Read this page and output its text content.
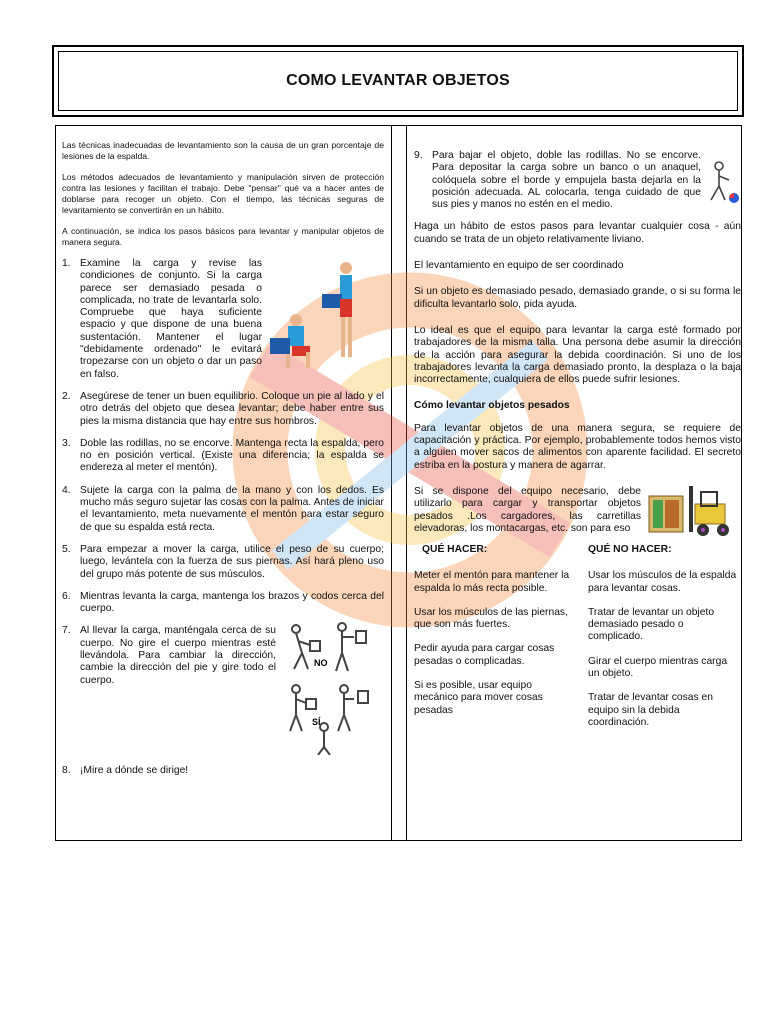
COMO LEVANTAR OBJETOS

Las técnicas inadecuadas de levantamiento son la causa de un gran porcentaje de lesiones de la espalda.

Los métodos adecuados de levantamiento y manipulación sirven de protección contra las lesiones y facilitan el trabajo. Debe "pensar" qué va a hacer antes de doblarse para recoger un objeto. Con el tiempo, las técnicas seguras de levantamiento se convertirán en un hábito.

A continuación, se indica los pasos básicos para levantar y manipular objetos de manera segura.

1. Examine la carga y revise las condiciones de conjunto. Si la carga parece ser demasiado pesada o complicada, no trate de levantarla solo. Compruebe que haya suficiente espacio y que dispone de una buena sustentación. Mantener el lugar "debidamente ordenado" le evitará tropezarse con un objeto o dar un paso en falso.
2. Asegúrese de tener un buen equilibrio. Coloque un pie al lado y el otro detrás del objeto que desea levantar; debe haber entre sus pies la misma distancia que hay entre sus hombros.
3. Doble las rodillas, no se encorve. Mantenga recta la espalda, pero no en posición vertical. (Existe una diferencia; la espalda se endereza al meter el mentón).
4. Sujete la carga con la palma de la mano y con los dedos. Es mucho más seguro sujetar las cosas con la palma. Antes de iniciar el levantamiento, meta nuevamente el mentón para estar seguro de que su espalda está recta.
5. Para empezar a mover la carga, utilice el peso de su cuerpo; luego, levántela con la fuerza de sus piernas. Así hará pleno uso del grupo más potente de sus músculos.
6. Mientras levanta la carga, mantenga los brazos y codos cerca del cuerpo.
7.
NO
SÍ
Al llevar la carga, manténgala cerca de su cuerpo. No gire el cuerpo mientras esté llevándola. Para cambiar la dirección, cambie la dirección del pie y gire todo el cuerpo.
8. ¡Mire a dónde se dirige!
9. Para bajar el objeto, doble las rodillas. No se encorve. Para depositar la carga sobre un banco o un anaquel, colóquela sobre el borde y empujela basta dejarla en la posición adecuada. AL colocarla, tenga cuidado de que sus pies y manos no estén en el medio.

Haga un hábito de estos pasos para levantar cualquier cosa - aún cuando se trata de un objeto relativamente liviano.

El levantamiento en equipo de ser coordinado

Si un objeto es demasiado pesado, demasiado grande, o si su forma le dificulta levantarlo solo, pida ayuda.

Lo ideal es que el equipo para levantar la carga esté formado por trabajadores de la misma talla. Una persona debe asumir la dirección de la acción para asegurar la debida coordinación. Si uno de los trabajadores levanta la carga demasiado pronto, la desplaza o la baja incorrectamente, cualquiera de ellos puede sufrir lesiones.

Cómo levantar objetos pesados

Para levantar objetos de una manera segura, se requiere de capacitación y práctica. Por ejemplo, probablemente todos hemos visto a alguien mover sacos de alimentos con aparente facilidad. El secreto estriba en la postura y manera de agarrar.

Si se dispone del equipo necesario, debe utilizarlo para cargar y transportar objetos pesados .Los cargadores, las carretillas elevadoras, los montacargas, etc. son para eso

QUÉ HACER:
Meter el mentón para mantener la espalda lo más recta posible.
Usar los músculos de las piernas, que son más fuertes.
Pedir ayuda para cargar cosas pesadas o complicadas.
Si es posible, usar equipo mecánico para mover cosas pesadas
QUÉ NO HACER:
Usar los músculos de la espalda para levantar cosas.
Tratar de levantar un objeto demasiado pesado o complicado.
Girar el cuerpo mientras carga un objeto.
Tratar de levantar cosas en equipo sin la debida coordinación.
